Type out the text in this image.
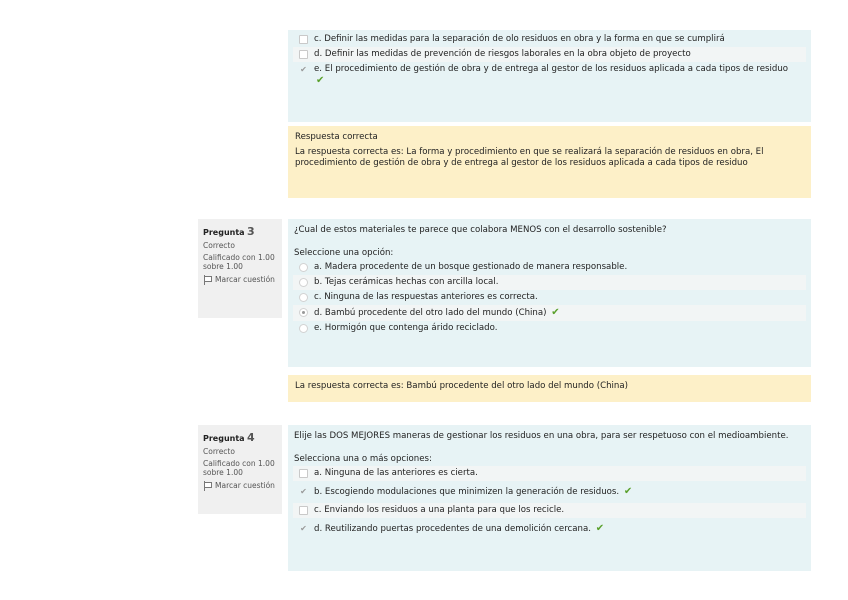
c. Definir las medidas para la separación de olo residuos en obra y la forma en que se cumplirá
d. Definir las medidas de prevención de riesgos laborales en la obra objeto de proyecto
✔ e. El procedimiento de gestión de obra y de entrega al gestor de los residuos aplicada a cada tipos de residuo ✔
Respuesta correcta
La respuesta correcta es: La forma y procedimiento en que se realizará la separación de residuos en obra, El procedimiento de gestión de obra y de entrega al gestor de los residuos aplicada a cada tipos de residuo
Pregunta 3
Correcto
Calificado con 1.00 sobre 1.00
Marcar cuestión
¿Cual de estos materiales te parece que colabora MENOS con el desarrollo sostenible?
Seleccione una opción:
a. Madera procedente de un bosque gestionado de manera responsable.
b. Tejas cerámicas hechas con arcilla local.
c. Ninguna de las respuestas anteriores es correcta.
d. Bambú procedente del otro lado del mundo (China) ✔
e. Hormigón que contenga árido reciclado.
La respuesta correcta es: Bambú procedente del otro lado del mundo (China)
Pregunta 4
Correcto
Calificado con 1.00 sobre 1.00
Marcar cuestión
Elije las DOS MEJORES maneras de gestionar los residuos en una obra, para ser respetuoso con el medioambiente.
Selecciona una o más opciones:
a. Ninguna de las anteriores es cierta.
✔ b. Escogiendo modulaciones que minimizen la generación de residuos. ✔
c. Enviando los residuos a una planta para que los recicle.
✔ d. Reutilizando puertas procedentes de una demolición cercana. ✔
